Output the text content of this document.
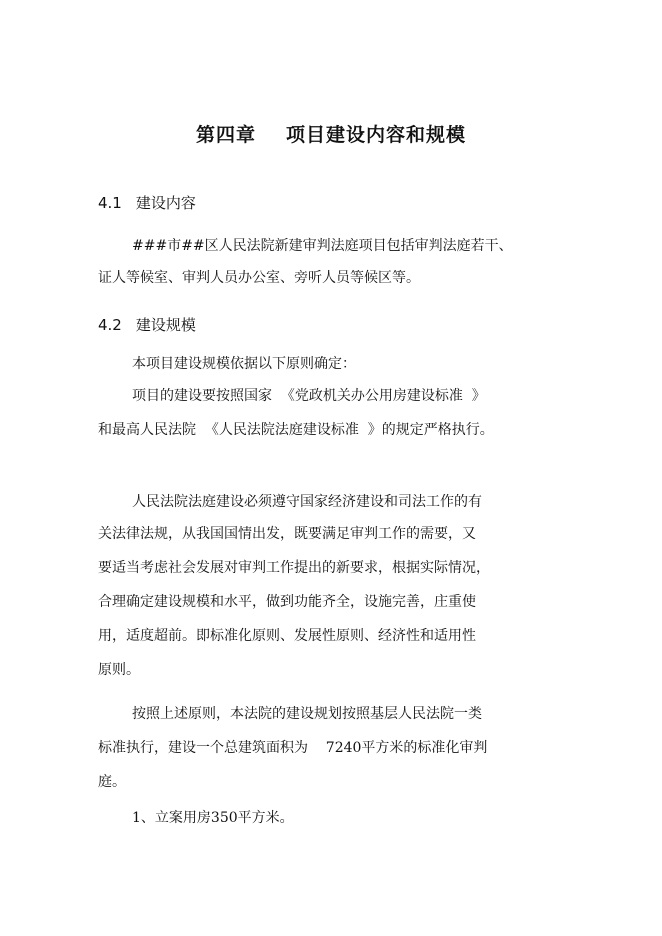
第四章 项目建设内容和规模
4.1 建设内容
###市##区人民法院新建审判法庭项目包括审判法庭若干、
证人等候室、审判人员办公室、旁听人员等候区等。
4.2 建设规模
本项目建设规模依据以下原则确定：
项目的建设要按照国家  《党政机关办公用房建设标准  》
和最高人民法院  《人民法院法庭建设标准  》的规定严格执行。
人民法院法庭建设必须遵守国家经济建设和司法工作的有
关法律法规，从我国国情出发，既要满足审判工作的需要，又
要适当考虑社会发展对审判工作提出的新要求，根据实际情况，
合理确定建设规模和水平，做到功能齐全，设施完善，庄重使
用，适度超前。即标准化原则、发展性原则、经济性和适用性
原则。
按照上述原则，本法院的建设规划按照基层人民法院一类
标准执行，建设一个总建筑面积为    7240平方米的标准化审判
庭。
1、立案用房350平方米。
